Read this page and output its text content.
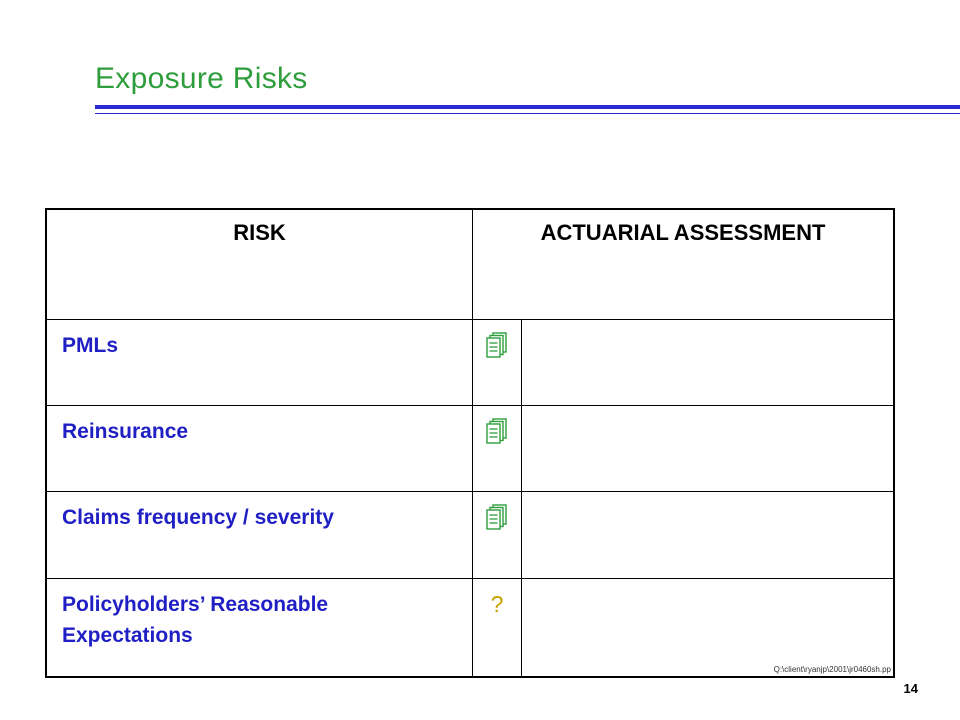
Exposure Risks
RISK	ACTUARIAL ASSESSMENT	
PMLs		
Reinsurance		
Claims frequency / severity		
Policyholders’ Reasonable Expectations	?	Q:\client\ryanjp\2001\jr0460sh.pp
14
